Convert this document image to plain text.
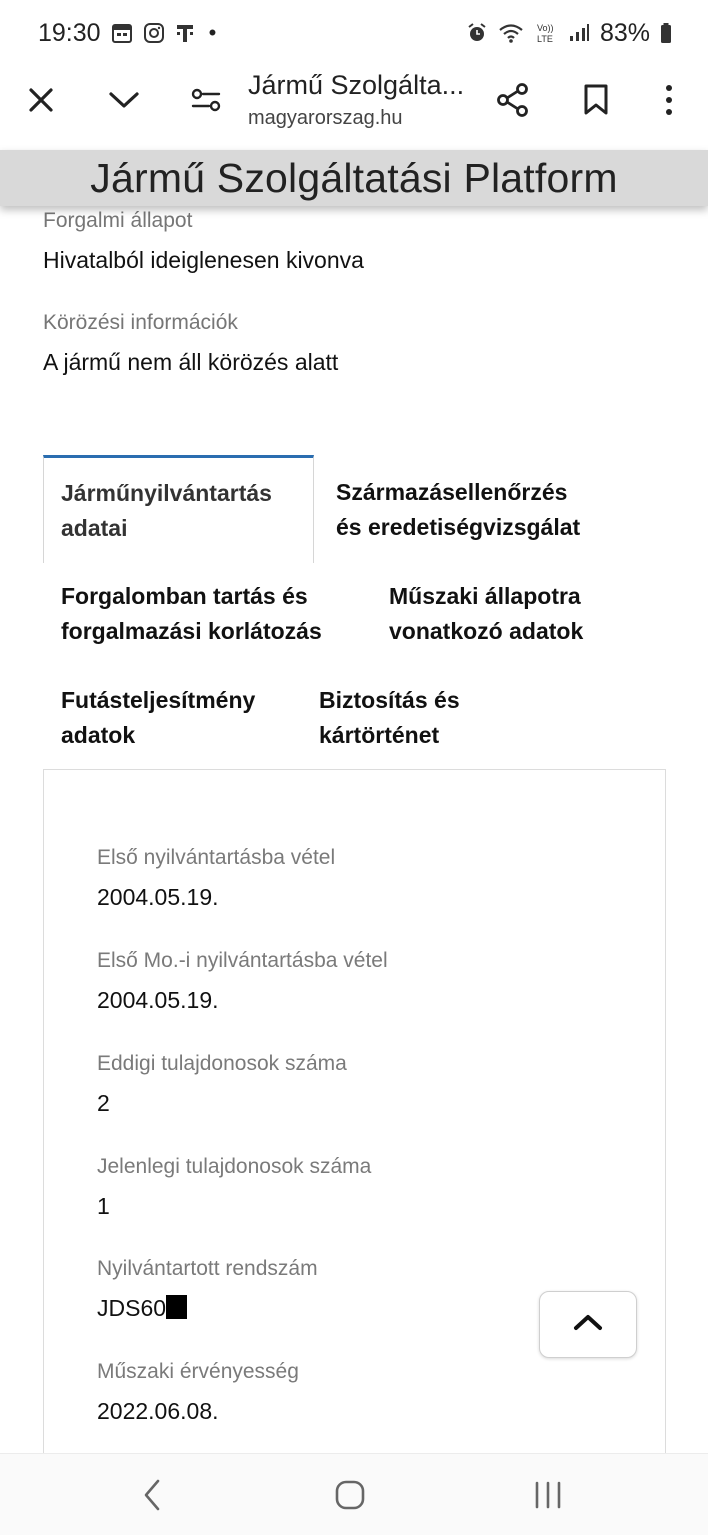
19:30	•	Vo))
LTE 83%
Jármű Szolgálta...
magyarorszag.hu
Jármű Szolgáltatási Platform
Forgalmi állapot
Hivatalból ideiglenesen kivonva
Körözési információk
A jármű nem áll körözés alatt
Járműnyilvántartás
adatai
Származásellenőrzés
és eredetiségvizsgálat
Forgalomban tartás és
forgalmazási korlátozás
Műszaki állapotra
vonatkozó adatok
Futásteljesítmény
adatok
Biztosítás és
kártörténet
Első nyilvántartásba vétel
2004.05.19.
Első Mo.-i nyilvántartásba vétel
2004.05.19.
Eddigi tulajdonosok száma
2
Jelenlegi tulajdonosok száma
1
Nyilvántartott rendszám
JDS60
Műszaki érvényesség
2022.06.08.
